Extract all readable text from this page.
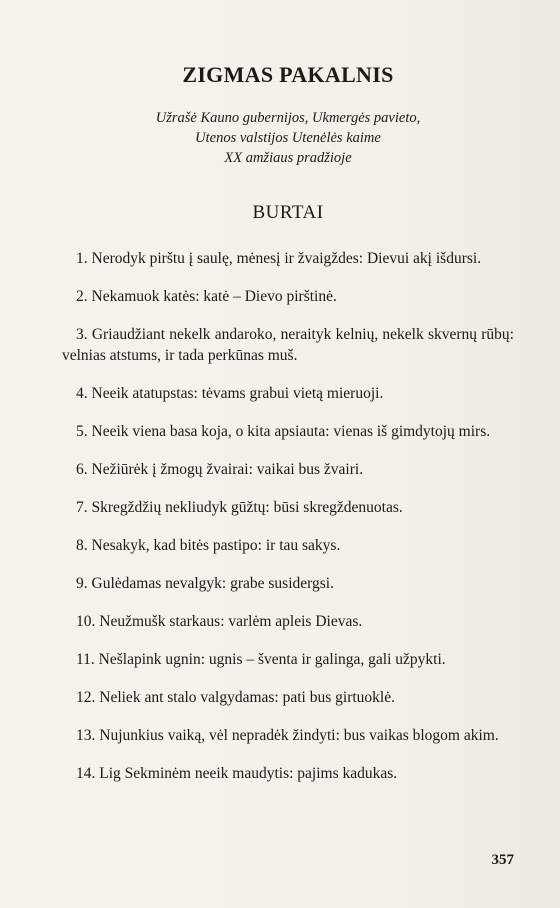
ZIGMAS PAKALNIS
Užrašė Kauno gubernijos, Ukmergės pavieto,
Utenos valstijos Utenėlės kaime
XX amžiaus pradžioje
BURTAI

1. Nerodyk pirštu į saulę, mėnesį ir žvaigždes: Dievui akį išdursi.

2. Nekamuok katės: katė – Dievo pirštinė.

3. Griaudžiant nekelk andaroko, neraityk kelnių, nekelk skvernų rūbų: velnias atstums, ir tada perkūnas muš.

4. Neeik atatupstas: tėvams grabui vietą mieruoji.

5. Neeik viena basa koja, o kita apsiauta: vienas iš gimdytojų mirs.

6. Nežiūrėk į žmogų žvairai: vaikai bus žvairi.

7. Skregždžių nekliudyk gūžtų: būsi skregždenuotas.

8. Nesakyk, kad bitės pastipo: ir tau sakys.

9. Gulėdamas nevalgyk: grabe susidergsi.

10. Neužmušk starkaus: varlėm apleis Dievas.

11. Nešlapink ugnin: ugnis – šventa ir galinga, gali užpykti.

12. Neliek ant stalo valgydamas: pati bus girtuoklė.

13. Nujunkius vaiką, vėl nepradėk žindyti: bus vaikas blogom akim.

14. Lig Sekminėm neeik maudytis: pajims kadukas.

357
